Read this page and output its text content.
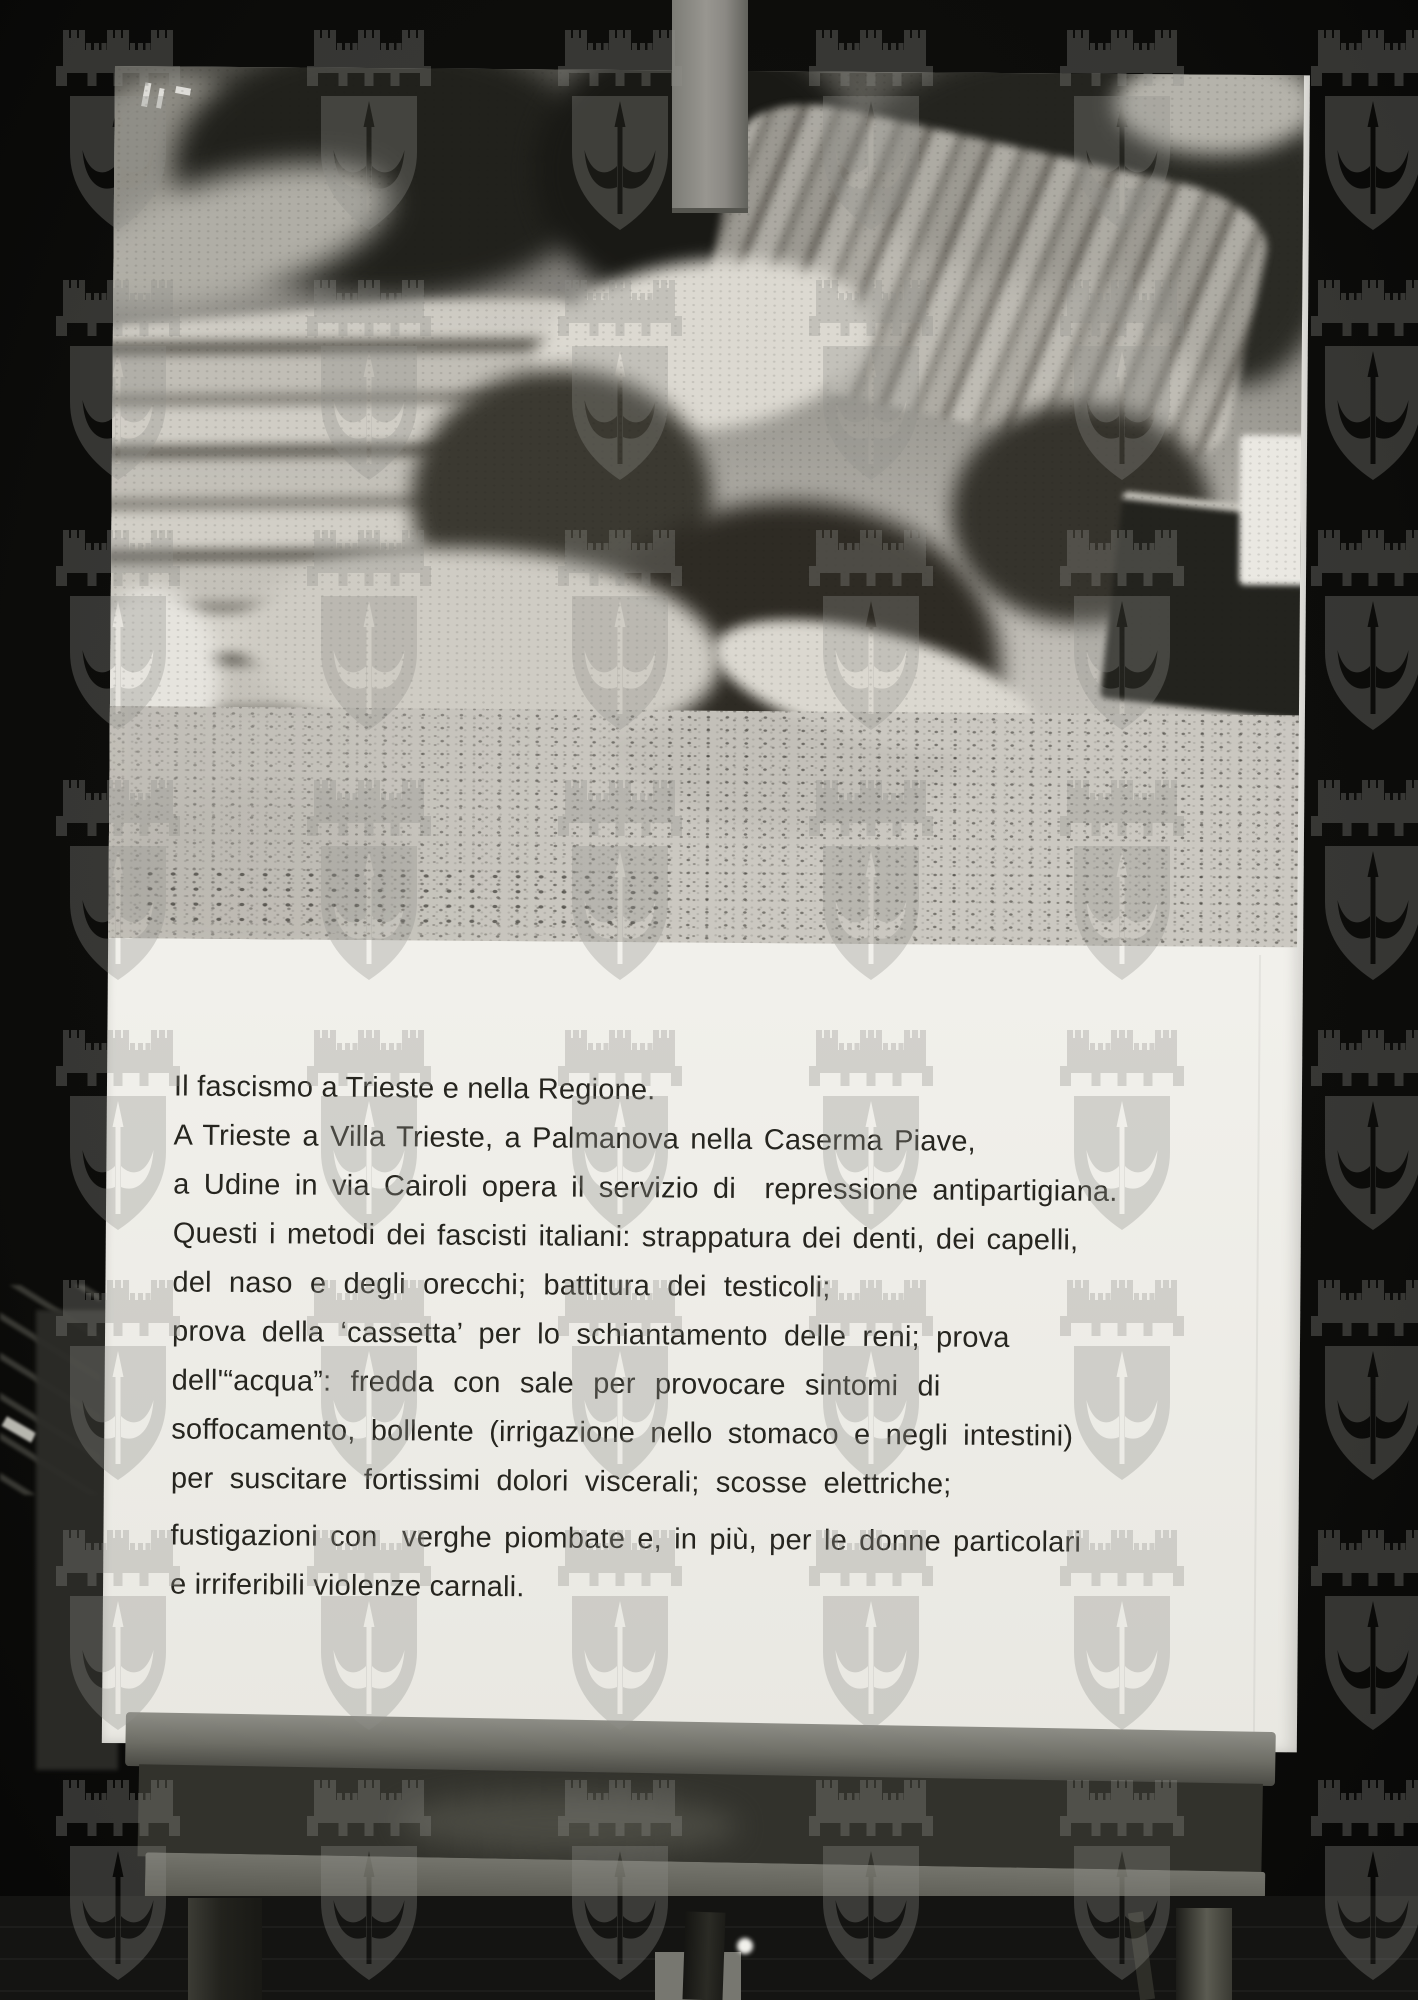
Il fascismo a Trieste e nella Regione.
A Trieste a Villa Trieste, a Palmanova nella Caserma Piave,
a Udine in via Cairoli opera il servizio di  repressione antipartigiana.
Questi i metodi dei fascisti italiani: strappatura dei denti, dei capelli,
del naso e degli orecchi; battitura dei testicoli;
prova della ‘cassetta’ per lo schiantamento delle reni; prova
dell'“acqua”: fredda con sale per provocare sintomi di
soffocamento, bollente (irrigazione nello stomaco e negli intestini)
per suscitare fortissimi dolori viscerali; scosse elettriche;
fustigazioni con  verghe piombate e, in più, per le donne particolari
e irriferibili violenze carnali.
